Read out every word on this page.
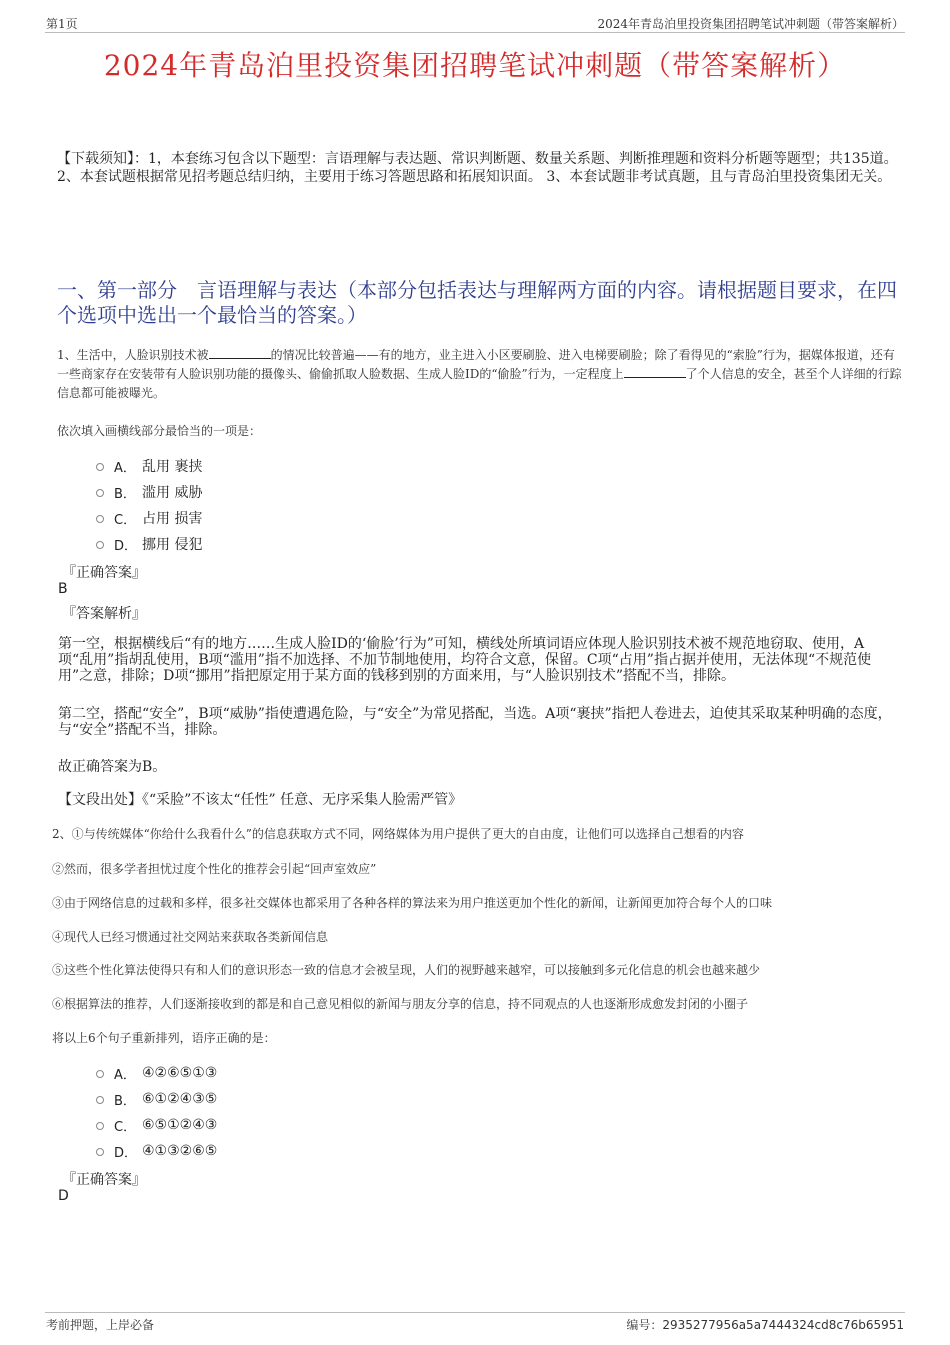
第1页	2024年青岛泊里投资集团招聘笔试冲刺题（带答案解析）
2024年青岛泊里投资集团招聘笔试冲刺题（带答案解析）
【下载须知】：1，本套练习包含以下题型：言语理解与表达题、常识判断题、数量关系题、判断推理题和资料分析题等题型；共135道。 2、本套试题根据常见招考题总结归纳，主要用于练习答题思路和拓展知识面。 3、本套试题非考试真题，且与青岛泊里投资集团无关。
一、第一部分　言语理解与表达（本部分包括表达与理解两方面的内容。请根据题目要求，在四个选项中选出一个最恰当的答案。）
1、生活中，人脸识别技术被	的情况比较普遍——有的地方，业主进入小区要刷脸、进入电梯要刷脸；除了看得见的“索脸”行为，据媒体报道，还有一些商家存在安装带有人脸识别功能的摄像头、偷偷抓取人脸数据、生成人脸ID的“偷脸”行为，一定程度上	了个人信息的安全，甚至个人详细的行踪信息都可能被曝光。
依次填入画横线部分最恰当的一项是：
A． 乱用 裹挟
B． 滥用 威胁
C． 占用 损害
D． 挪用 侵犯
『正确答案』
B
『答案解析』
第一空，根据横线后“有的地方……生成人脸ID的‘偷脸’行为”可知，横线处所填词语应体现人脸识别技术被不规范地窃取、使用，A项“乱用”指胡乱使用，B项“滥用”指不加选择、不加节制地使用，均符合文意，保留。C项“占用”指占据并使用，无法体现“不规范使用”之意，排除；D项“挪用”指把原定用于某方面的钱移到别的方面来用，与“人脸识别技术”搭配不当，排除。
第二空，搭配“安全”，B项“威胁”指使遭遇危险，与“安全”为常见搭配，当选。A项“裹挟”指把人卷进去，迫使其采取某种明确的态度，与“安全”搭配不当，排除。
故正确答案为B。
【文段出处】《“采脸”不该太“任性” 任意、无序采集人脸需严管》
2、①与传统媒体“你给什么我看什么”的信息获取方式不同，网络媒体为用户提供了更大的自由度，让他们可以选择自己想看的内容
②然而，很多学者担忧过度个性化的推荐会引起“回声室效应”
③由于网络信息的过载和多样，很多社交媒体也都采用了各种各样的算法来为用户推送更加个性化的新闻，让新闻更加符合每个人的口味
④现代人已经习惯通过社交网站来获取各类新闻信息
⑤这些个性化算法使得只有和人们的意识形态一致的信息才会被呈现，人们的视野越来越窄，可以接触到多元化信息的机会也越来越少
⑥根据算法的推荐，人们逐渐接收到的都是和自己意见相似的新闻与朋友分享的信息，持不同观点的人也逐渐形成愈发封闭的小圈子
将以上6个句子重新排列，语序正确的是：
A． ④②⑥⑤①③
B． ⑥①②④③⑤
C． ⑥⑤①②④③
D． ④①③②⑥⑤
『正确答案』
D
考前押题，上岸必备	编号：2935277956a5a7444324cd8c76b65951
